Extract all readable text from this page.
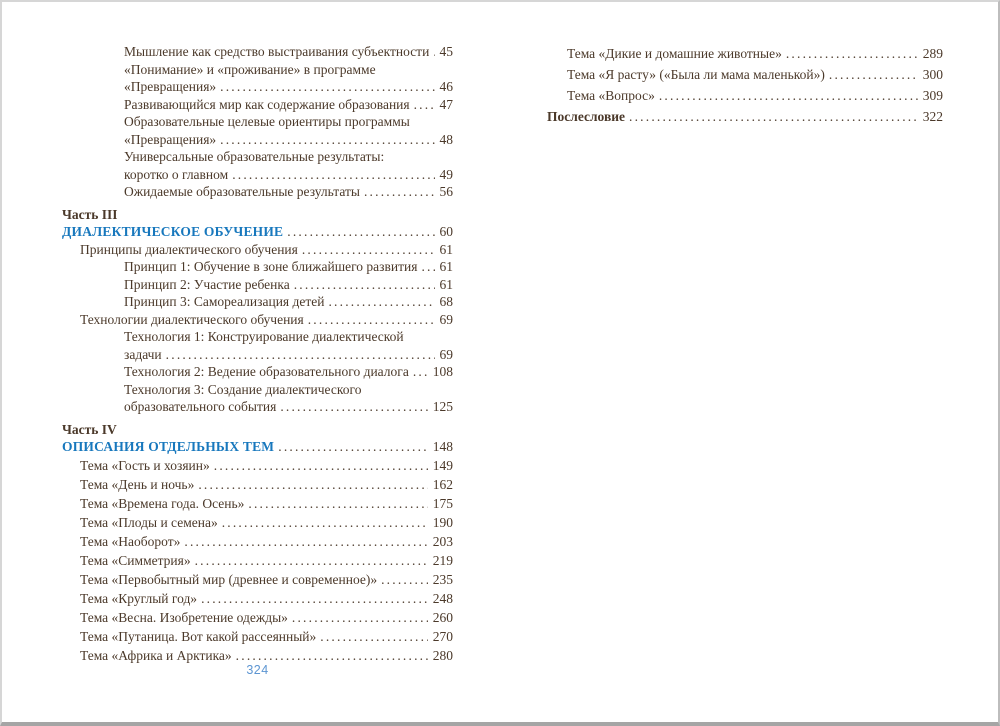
Мышление как средство выстраивания субъектности ..... 45
«Понимание» и «проживание» в программе
«Превращения» .....	46
Развивающийся мир как содержание образования ..... 47
Образовательные целевые ориентиры программы
«Превращения» .....	48
Универсальные образовательные результаты:
коротко о главном .....	49
Ожидаемые образовательные результаты .....	56
Часть III
ДИАЛЕКТИЧЕСКОЕ ОБУЧЕНИЕ .....	60
Принципы диалектического обучения .....	61
Принцип 1: Обучение в зоне ближайшего развития ..... 61
Принцип 2: Участие ребенка .....	61
Принцип 3: Самореализация детей .....	68
Технологии диалектического обучения .....	69
Технология 1: Конструирование диалектической
задачи .....	69
Технология 2: Ведение образовательного диалога ..... 108
Технология 3: Создание диалектического
образовательного события .....	125
Часть IV
ОПИСАНИЯ ОТДЕЛЬНЫХ ТЕМ .....	148
Тема «Гость и хозяин» .....	149
Тема «День и ночь» .....	162
Тема «Времена года. Осень» .....	175
Тема «Плоды и семена» .....	190
Тема «Наоборот» .....	203
Тема «Симметрия» .....	219
Тема «Первобытный мир (древнее и современное)» .....	235
Тема «Круглый год» .....	248
Тема «Весна. Изобретение одежды» .....	260
Тема «Путаница. Вот какой рассеянный» .....	270
Тема «Африка и Арктика» .....	280
Тема «Дикие и домашние животные» .....	289
Тема «Я расту» («Была ли мама маленькой») .....	300
Тема «Вопрос» .....	309
Послесловие .....	322
324
